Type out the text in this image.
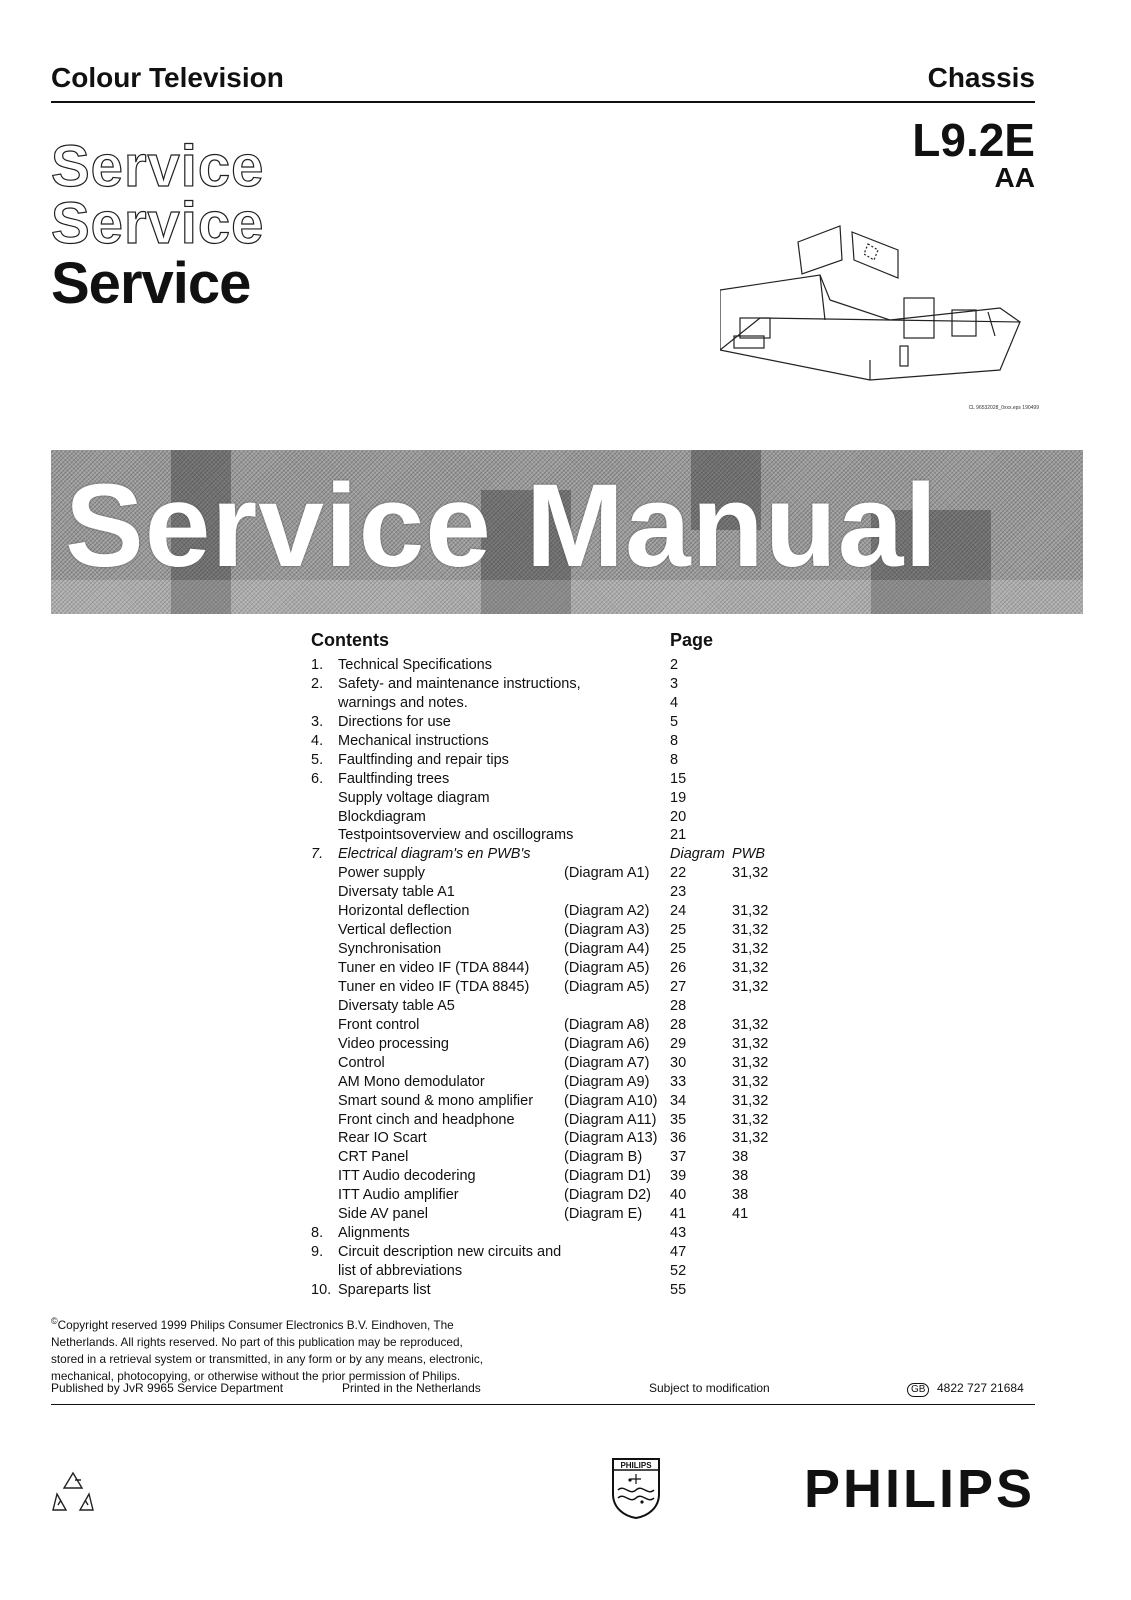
Colour Television	Chassis
L9.2E
AA
Service
Service
Service
CL 96532028_0xxx.eps 190499
Service Manual
Contents	Page
1. Technical Specifications	2
2. Safety- and maintenance instructions,	3
warnings and notes.	4
3. Directions for use	5
4. Mechanical instructions	8
5. Faultfinding and repair tips	8
6. Faultfinding trees	15
Supply voltage diagram	19
Blockdiagram	20
Testpointsoverview and oscillograms	21
7. Electrical diagram's en PWB's	Diagram PWB
Power supply	(Diagram A1) 22	31,32
Diversaty table A1	23
Horizontal deflection	(Diagram A2) 24	31,32
Vertical deflection	(Diagram A3) 25	31,32
Synchronisation	(Diagram A4) 25	31,32
Tuner en video IF (TDA 8844) (Diagram A5) 26	31,32
Tuner en video IF (TDA 8845) (Diagram A5) 27	31,32
Diversaty table A5	28
Front control	(Diagram A8) 28	31,32
Video processing	(Diagram A6) 29	31,32
Control	(Diagram A7) 30	31,32
AM Mono demodulator	(Diagram A9) 33	31,32
Smart sound & mono amplifier (Diagram A10) 34	31,32
Front cinch and headphone	(Diagram A11) 35	31,32
Rear IO Scart	(Diagram A13) 36	31,32
CRT Panel	(Diagram B) 37	38
ITT Audio decodering	(Diagram D1) 39	38
ITT Audio amplifier	(Diagram D2) 40	38
Side AV panel	(Diagram E) 41	41
8. Alignments	43
9. Circuit description new circuits and	47
list of abbreviations	52
10. Spareparts list	55
©Copyright reserved 1999 Philips Consumer Electronics B.V. Eindhoven, The
Netherlands. All rights reserved. No part of this publication may be reproduced,
stored in a retrieval system or transmitted, in any form or by any means, electronic,
mechanical, photocopying, or otherwise without the prior permission of Philips.
Published by JvR 9965 Service Department	Printed in the Netherlands	Subject to modification	GB 4822 727 21684
PHILIPS	PHILIPS
